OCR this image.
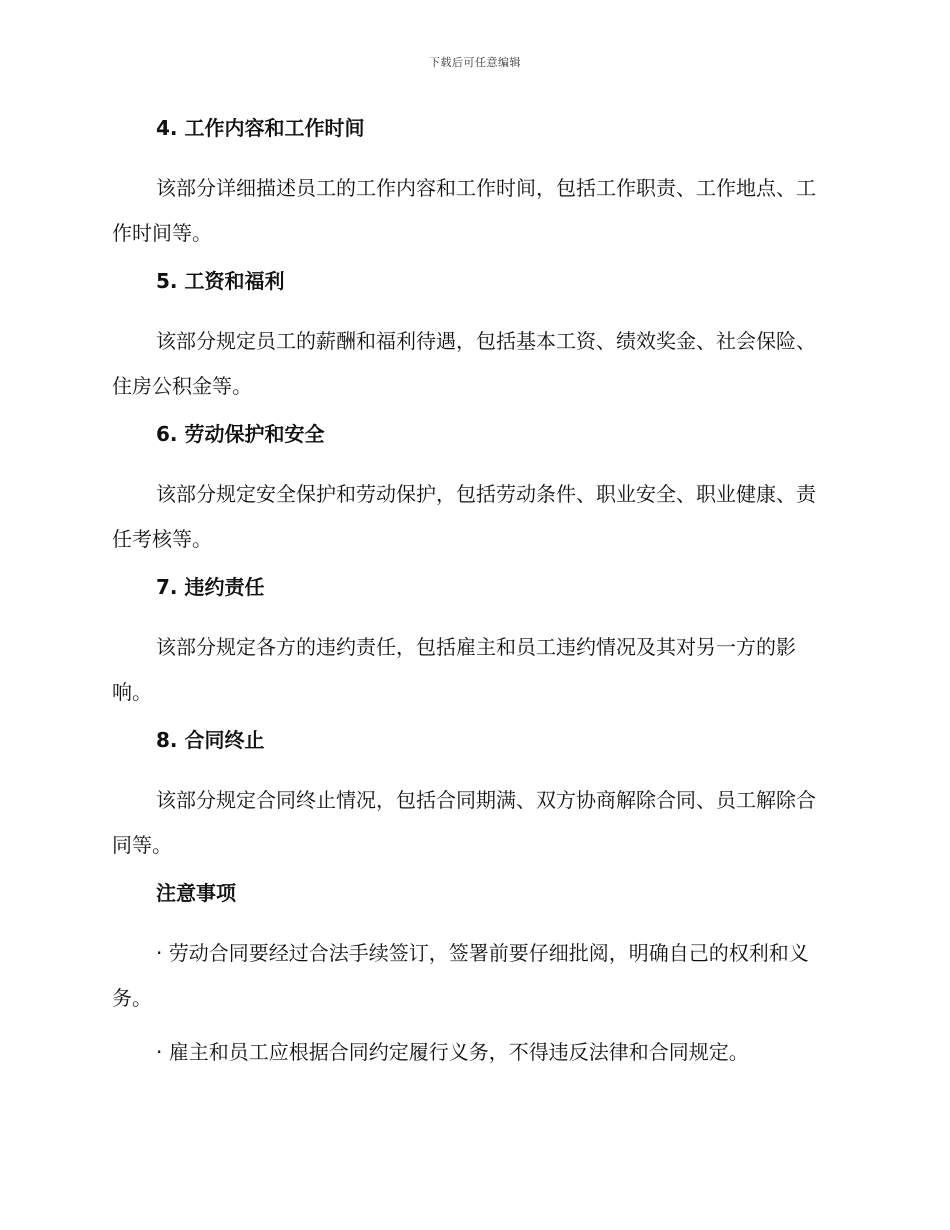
下载后可任意编辑
4. 工作内容和工作时间

该部分详细描述员工的工作内容和工作时间，包括工作职责、工作地点、工作时间等。

5. 工资和福利

该部分规定员工的薪酬和福利待遇，包括基本工资、绩效奖金、社会保险、住房公积金等。

6. 劳动保护和安全

该部分规定安全保护和劳动保护，包括劳动条件、职业安全、职业健康、责任考核等。

7. 违约责任

该部分规定各方的违约责任，包括雇主和员工违约情况及其对另一方的影响。

8. 合同终止

该部分规定合同终止情况，包括合同期满、双方协商解除合同、员工解除合同等。

注意事项

· 劳动合同要经过合法手续签订，签署前要仔细批阅，明确自己的权利和义务。

· 雇主和员工应根据合同约定履行义务，不得违反法律和合同规定。
